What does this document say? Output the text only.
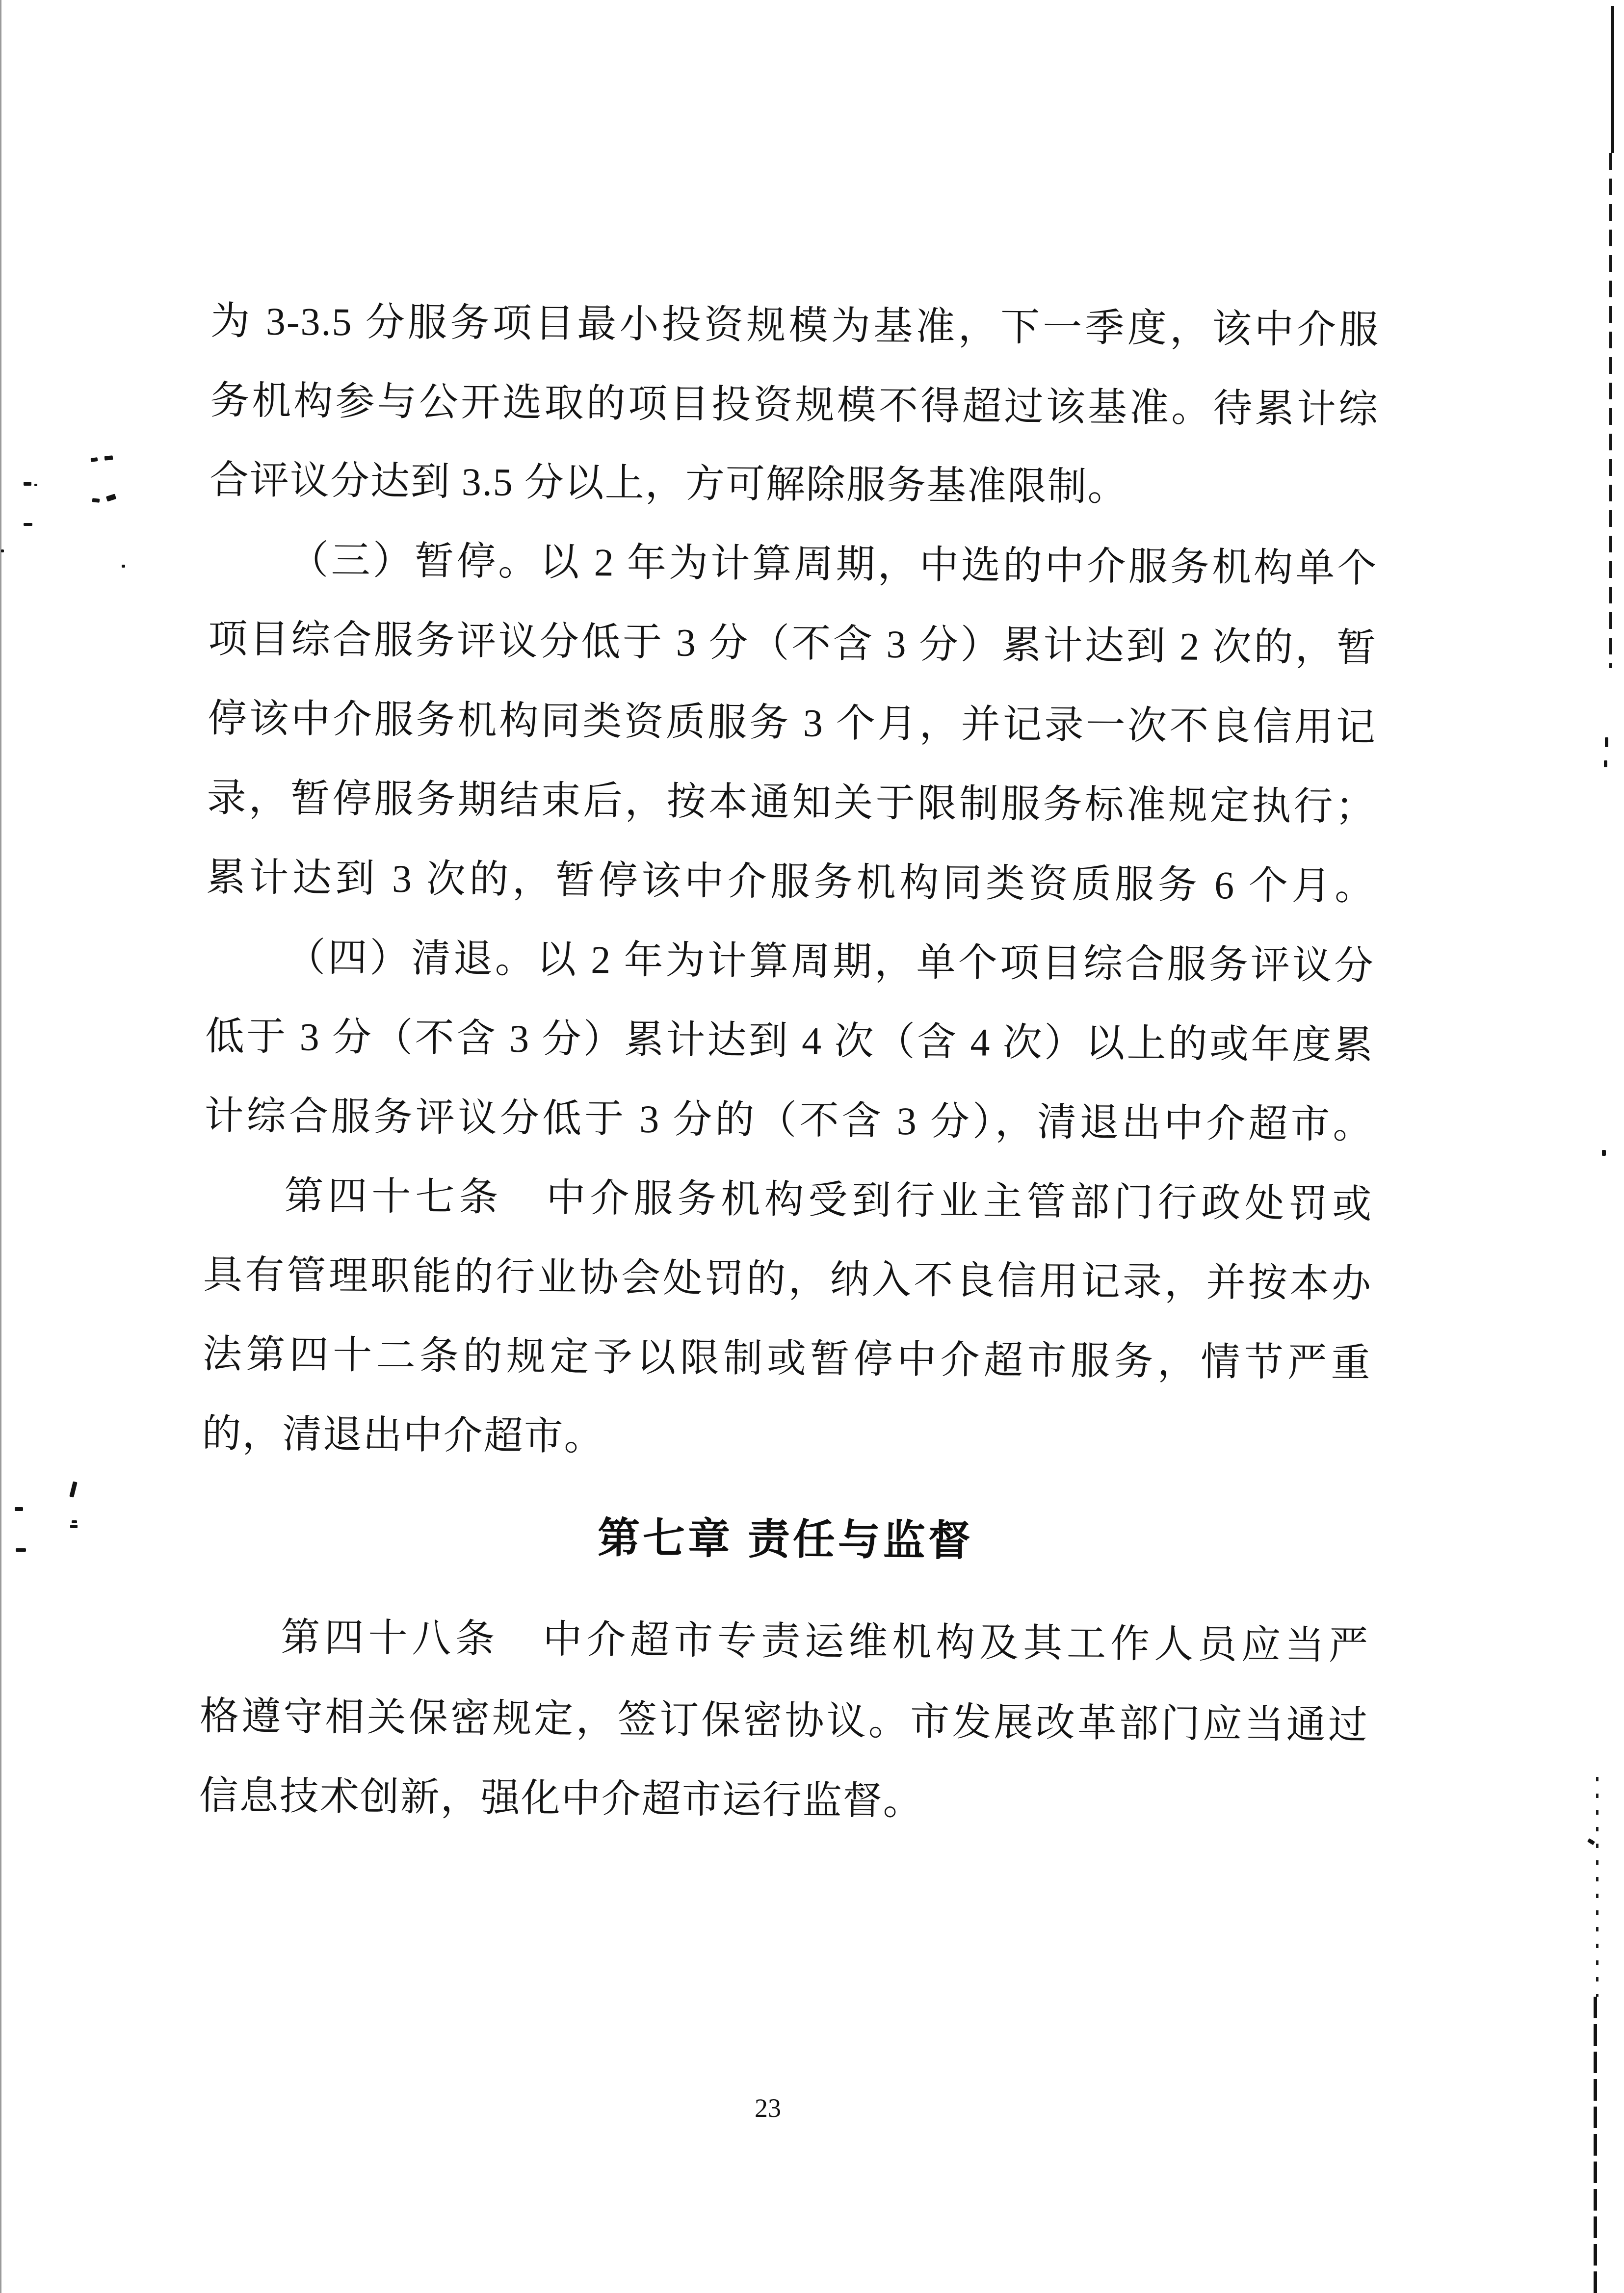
为 3-3.5 分服务项目最小投资规模为基准，下一季度，该中介服
务机构参与公开选取的项目投资规模不得超过该基准。待累计综
合评议分达到 3.5 分以上，方可解除服务基准限制。
（三）暂停。以 2 年为计算周期，中选的中介服务机构单个
项目综合服务评议分低于 3 分（不含 3 分）累计达到 2 次的，暂
停该中介服务机构同类资质服务 3 个月，并记录一次不良信用记
录，暂停服务期结束后，按本通知关于限制服务标准规定执行；
累计达到 3 次的，暂停该中介服务机构同类资质服务 6 个月。
（四）清退。以 2 年为计算周期，单个项目综合服务评议分
低于 3 分（不含 3 分）累计达到 4 次（含 4 次）以上的或年度累
计综合服务评议分低于 3 分的（不含 3 分），清退出中介超市。
第四十七条　中介服务机构受到行业主管部门行政处罚或
具有管理职能的行业协会处罚的，纳入不良信用记录，并按本办
法第四十二条的规定予以限制或暂停中介超市服务，情节严重
的，清退出中介超市。
第七章 责任与监督
第四十八条　中介超市专责运维机构及其工作人员应当严
格遵守相关保密规定，签订保密协议。市发展改革部门应当通过
信息技术创新，强化中介超市运行监督。
23
